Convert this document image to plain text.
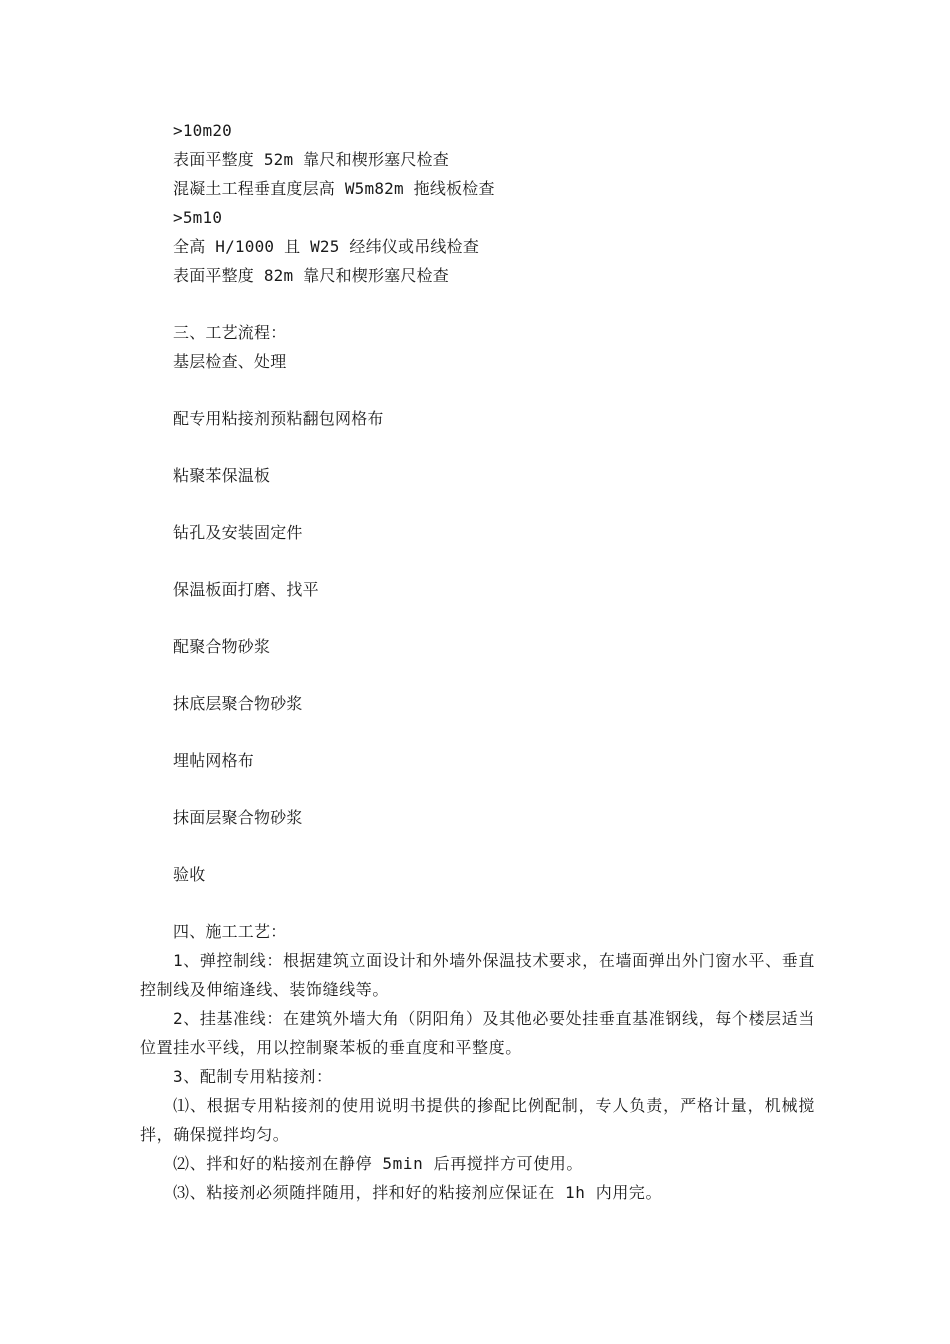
>10m20
表面平整度 52m 靠尺和楔形塞尺检查
混凝土工程垂直度层高 W5m82m 拖线板检查
>5m10
全高 H/1000 且 W25 经纬仪或吊线检查
表面平整度 82m 靠尺和楔形塞尺检查
三、工艺流程：
基层检查、处理
配专用粘接剂预粘翻包网格布
粘聚苯保温板
钻孔及安装固定件
保温板面打磨、找平
配聚合物砂浆
抹底层聚合物砂浆
埋帖网格布
抹面层聚合物砂浆
验收
四、施工工艺：
1、弹控制线：根据建筑立面设计和外墙外保温技术要求，在墙面弹出外门窗水平、垂直控制线及伸缩逢线、装饰缝线等。
2、挂基准线：在建筑外墙大角（阴阳角）及其他必要处挂垂直基准钢线，每个楼层适当位置挂水平线，用以控制聚苯板的垂直度和平整度。
3、配制专用粘接剂：
⑴、根据专用粘接剂的使用说明书提供的掺配比例配制，专人负责，严格计量，机械搅拌，确保搅拌均匀。
⑵、拌和好的粘接剂在静停 5min 后再搅拌方可使用。
⑶、粘接剂必须随拌随用，拌和好的粘接剂应保证在 1h 内用完。
